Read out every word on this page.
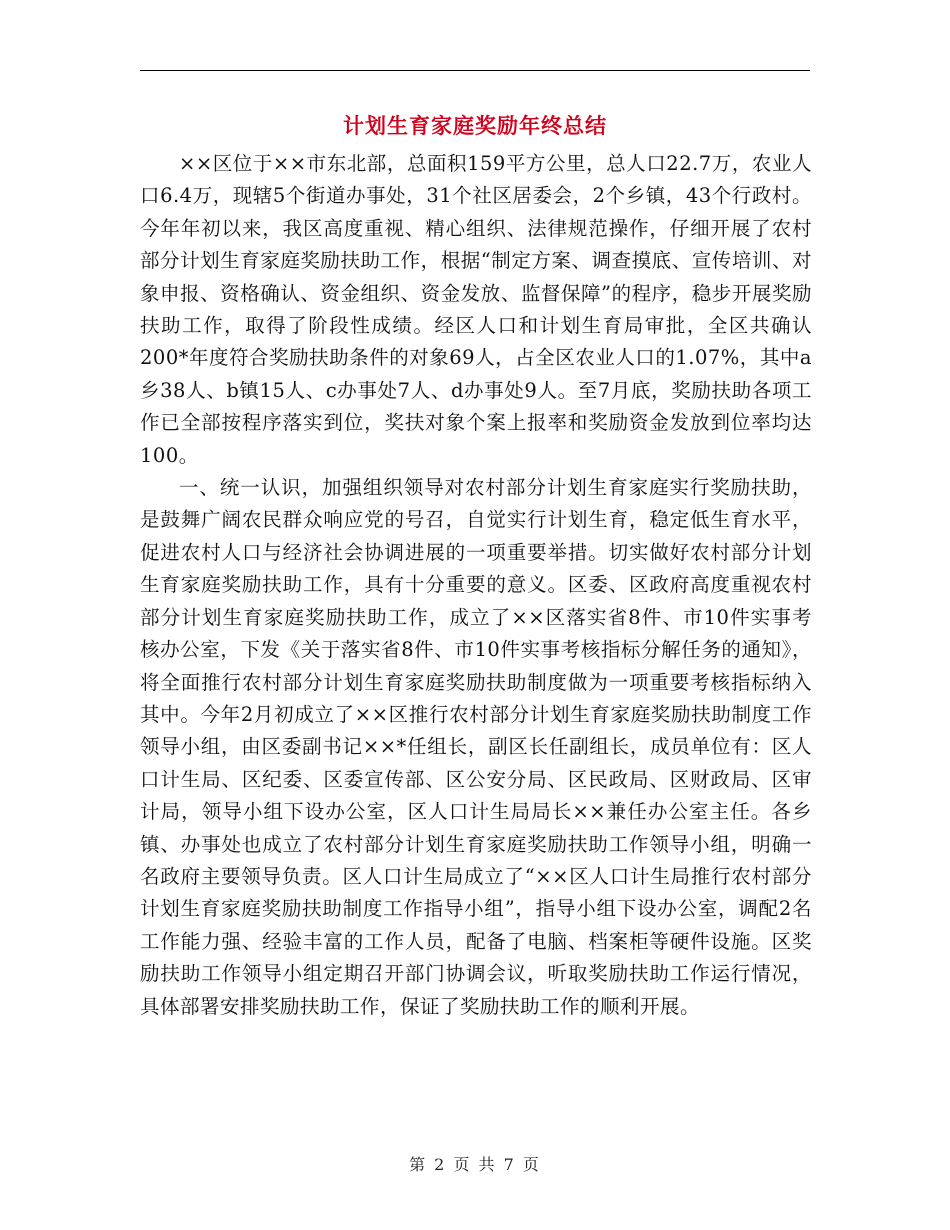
计划生育家庭奖励年终总结

××区位于××市东北部，总面积159平方公里，总人口22.7万，农业人口6.4万，现辖5个街道办事处，31个社区居委会，2个乡镇，43个行政村。今年年初以来，我区高度重视、精心组织、法律规范操作，仔细开展了农村部分计划生育家庭奖励扶助工作，根据“制定方案、调查摸底、宣传培训、对象申报、资格确认、资金组织、资金发放、监督保障”的程序，稳步开展奖励扶助工作，取得了阶段性成绩。经区人口和计划生育局审批，全区共确认200*年度符合奖励扶助条件的对象69人，占全区农业人口的1.07%，其中a乡38人、b镇15人、c办事处7人、d办事处9人。至7月底，奖励扶助各项工作已全部按程序落实到位，奖扶对象个案上报率和奖励资金发放到位率均达100。

一、统一认识，加强组织领导对农村部分计划生育家庭实行奖励扶助，是鼓舞广阔农民群众响应党的号召，自觉实行计划生育，稳定低生育水平，促进农村人口与经济社会协调进展的一项重要举措。切实做好农村部分计划生育家庭奖励扶助工作，具有十分重要的意义。区委、区政府高度重视农村部分计划生育家庭奖励扶助工作，成立了××区落实省8件、市10件实事考核办公室，下发《关于落实省8件、市10件实事考核指标分解任务的通知》，将全面推行农村部分计划生育家庭奖励扶助制度做为一项重要考核指标纳入其中。今年2月初成立了××区推行农村部分计划生育家庭奖励扶助制度工作领导小组，由区委副书记××*任组长，副区长任副组长，成员单位有：区人口计生局、区纪委、区委宣传部、区公安分局、区民政局、区财政局、区审计局，领导小组下设办公室，区人口计生局局长××兼任办公室主任。各乡镇、办事处也成立了农村部分计划生育家庭奖励扶助工作领导小组，明确一名政府主要领导负责。区人口计生局成立了“××区人口计生局推行农村部分计划生育家庭奖励扶助制度工作指导小组”，指导小组下设办公室，调配2名工作能力强、经验丰富的工作人员，配备了电脑、档案柜等硬件设施。区奖励扶助工作领导小组定期召开部门协调会议，听取奖励扶助工作运行情况，具体部署安排奖励扶助工作，保证了奖励扶助工作的顺利开展。

第 2 页 共 7 页
